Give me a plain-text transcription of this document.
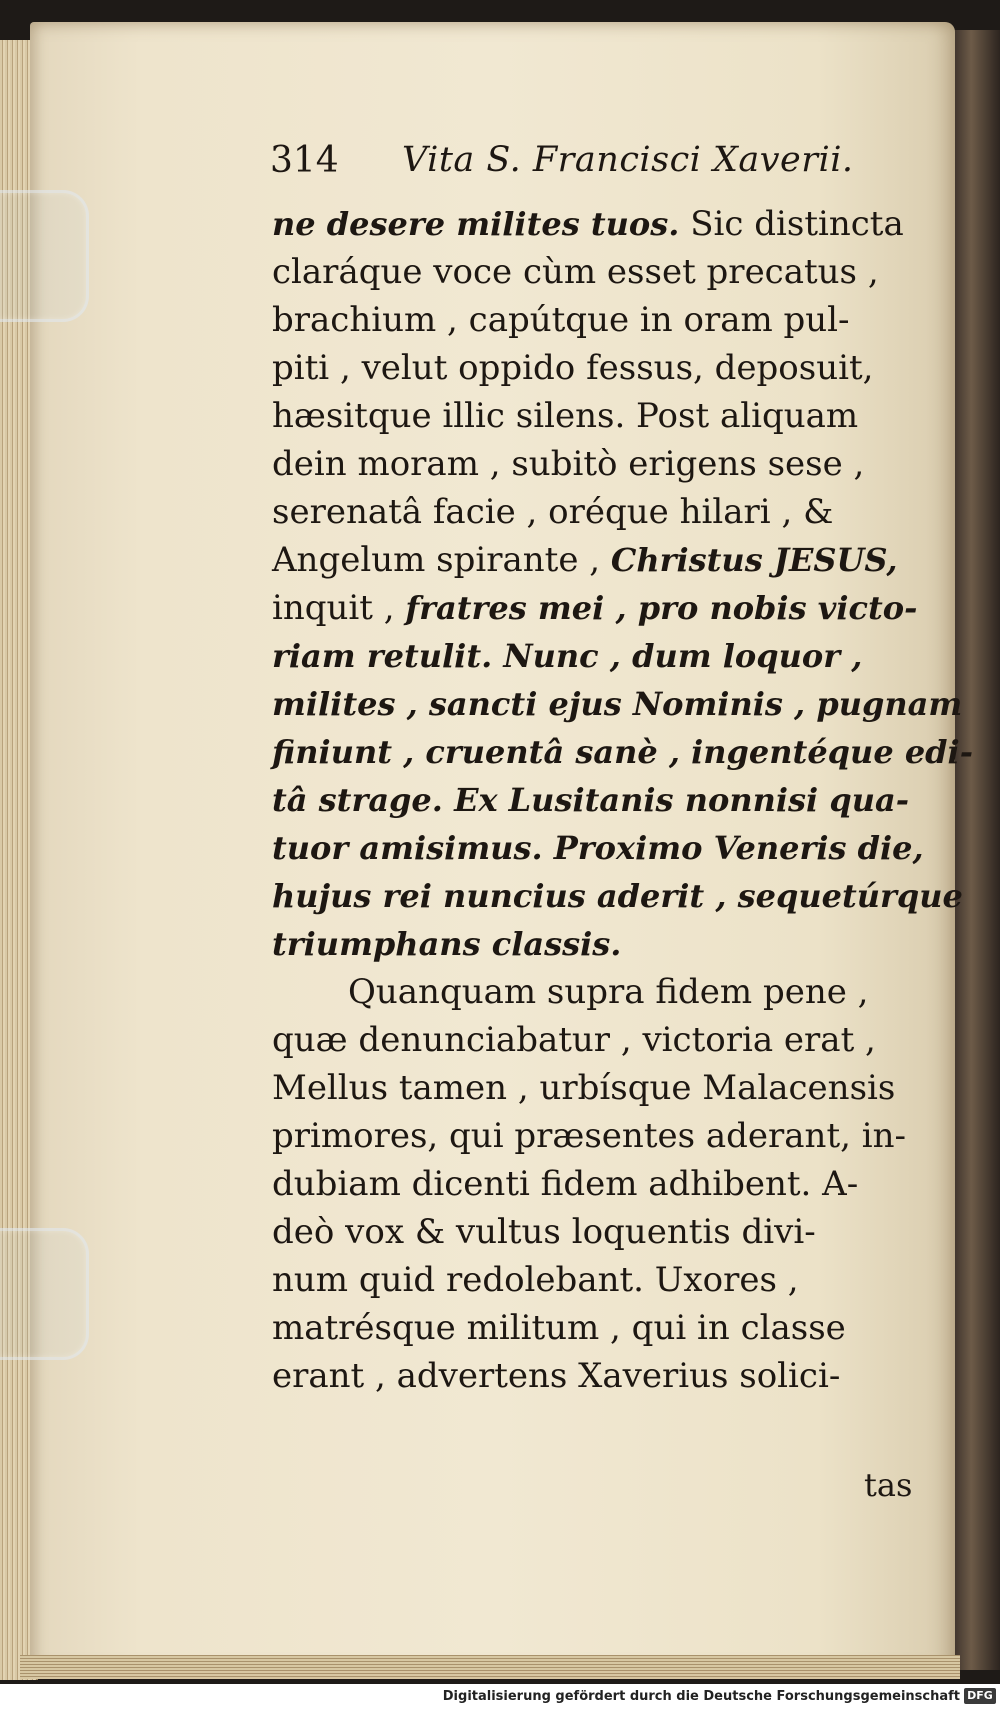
314 Vita S. Francisci Xaverii.
ne desere milites tuos. Sic distincta
claráque voce cùm esset precatus ,
brachium , capútque in oram pul-
piti , velut oppido fessus, deposuit,
hæsitque illic silens. Post aliquam
dein moram , subitò erigens sese ,
serenatâ facie , oréque hilari , &
Angelum spirante , Christus JESUS,
inquit , fratres mei , pro nobis victo-
riam retulit. Nunc , dum loquor ,
milites , sancti ejus Nominis , pugnam
finiunt , cruentâ sanè , ingentéque edi-
tâ strage. Ex Lusitanis nonnisi qua-
tuor amisimus. Proximo Veneris die,
hujus rei nuncius aderit , sequetúrque
triumphans classis.
Quanquam supra fidem pene ,
quæ denunciabatur , victoria erat ,
Mellus tamen , urbísque Malacensis
primores, qui præsentes aderant, in-
dubiam dicenti fidem adhibent. A-
deò vox & vultus loquentis divi-
num quid redolebant. Uxores ,
matrésque militum , qui in classe
erant , advertens Xaverius solici-
tas
Digitalisierung gefördert durch die Deutsche Forschungsgemeinschaft DFG
